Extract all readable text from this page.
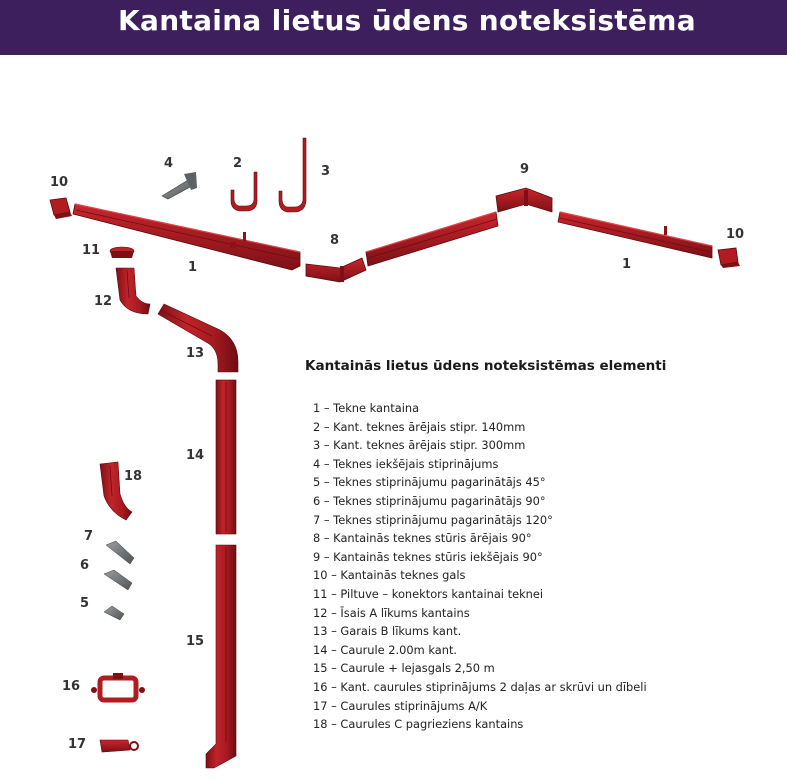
Kantaina lietus ūdens noteksistēma
1	1
2
3
4
5
6
7
8
9
10
10
11
12
13
14
15
16
17
18
Kantainās lietus ūdens noteksistēmas elementi
1 – Tekne kantaina
2 – Kant. teknes ārējais stipr. 140mm
3 – Kant. teknes ārējais stipr. 300mm
4 – Teknes iekšējais stiprinājums
5 – Teknes stiprinājumu pagarinātājs 45°
6 – Teknes stiprinājumu pagarinātājs 90°
7 – Teknes stiprinājumu pagarinātājs 120°
8 – Kantainās teknes stūris ārējais 90°
9 – Kantainās teknes stūris iekšējais 90°
10 – Kantainās teknes gals
11 – Piltuve – konektors kantainai teknei
12 – Īsais A līkums kantains
13 – Garais B līkums kant.
14 – Caurule 2.00m kant.
15 – Caurule + lejasgals 2,50 m
16 – Kant. caurules stiprinājums 2 daļas ar skrūvi un dībeli
17 – Caurules stiprinājums A/K
18 – Caurules C pagrieziens kantains
